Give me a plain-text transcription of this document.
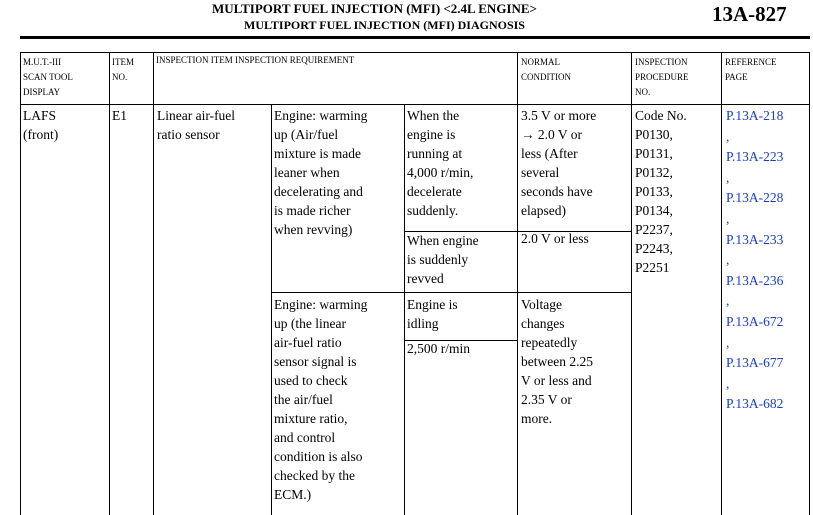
MULTIPORT FUEL INJECTION (MFI) <2.4L ENGINE>
MULTIPORT FUEL INJECTION (MFI) DIAGNOSIS	13A-827
M.U.T.-III
SCAN TOOL
DISPLAY
ITEM
NO.
INSPECTION ITEM INSPECTION REQUIREMENT	NORMAL
CONDITION
INSPECTION
PROCEDURE
NO.
REFERENCE
PAGE
LAFS
(front)
E1 Linear air-fuel
ratio sensor
Engine: warming
up (Air/fuel
mixture is made
leaner when
decelerating and
is made richer
when revving)
When the
engine is
running at
4,000 r/min,
decelerate
suddenly.
3.5 V or more
→ 2.0 V or
less (After
several
seconds have
elapsed)
When engine
is suddenly
revved
2.0 V or less
Engine: warming
up (the linear
air-fuel ratio
sensor signal is
used to check
the air/fuel
mixture ratio,
and control
condition is also
checked by the
ECM.)
Engine is
idling
2,500 r/min
Voltage
changes
repeatedly
between 2.25
V or less and
2.35 V or
more.
Code No.
P0130,
P0131,
P0132,
P0133,
P0134,
P2237,
P2243,
P2251
P.13A-218
,
P.13A-223
,
P.13A-228
,
P.13A-233
,
P.13A-236
,
P.13A-672
,
P.13A-677
,
P.13A-682
